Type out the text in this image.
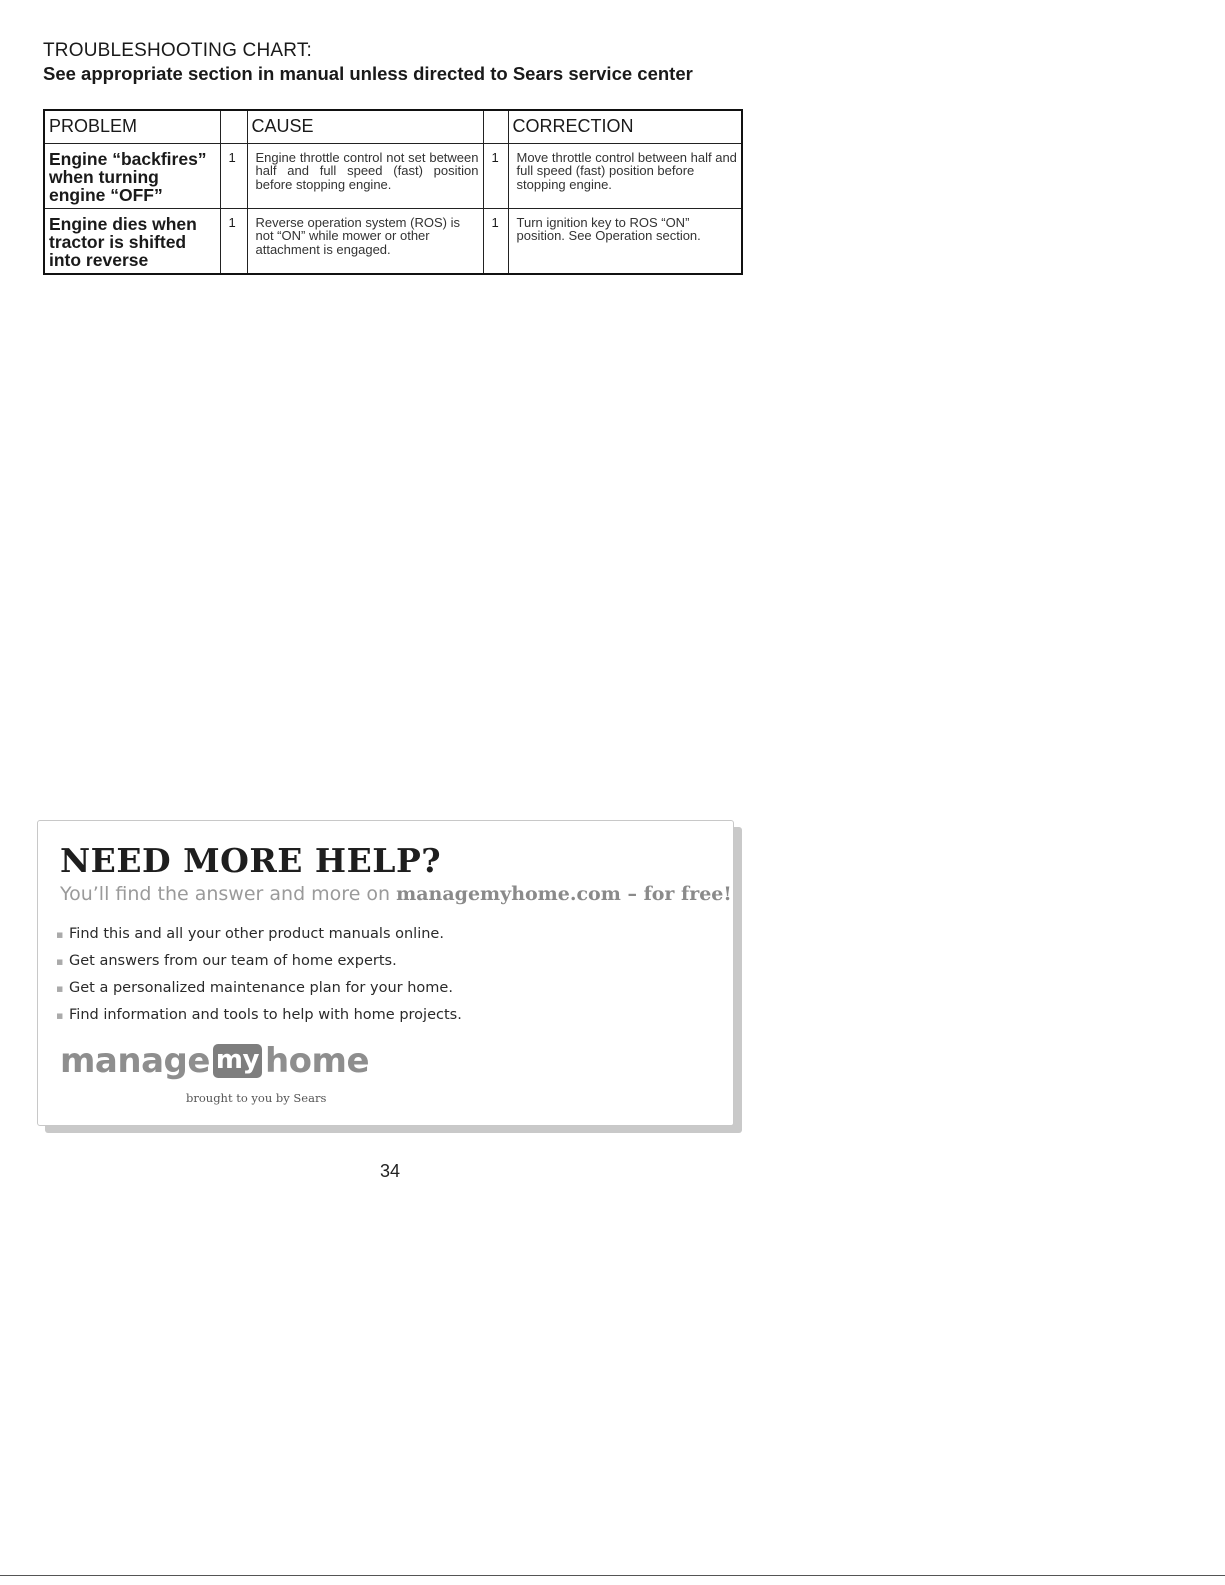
TROUBLESHOOTING CHART:
See appropriate section in manual unless directed to Sears service center
PROBLEM		CAUSE		CORRECTION
Engine “backfires” when turning engine “OFF”	1	Engine throttle control not set between half and full speed (fast) position before stopping engine.	1	Move throttle control between half and full speed (fast) position before stopping engine.
Engine dies when tractor is shifted into reverse	1	Reverse operation system (ROS) is not “ON” while mower or other attachment is engaged.	1	Turn ignition key to ROS “ON” position. See Operation section.
NEED MORE HELP?

You’ll find the answer and more on managemyhome.com – for free!

▪ Find this and all your other product manuals online.
▪ Get answers from our team of home experts.
▪ Get a personalized maintenance plan for your home.
▪ Find information and tools to help with home projects.
manage my home
brought to you by Sears
34
